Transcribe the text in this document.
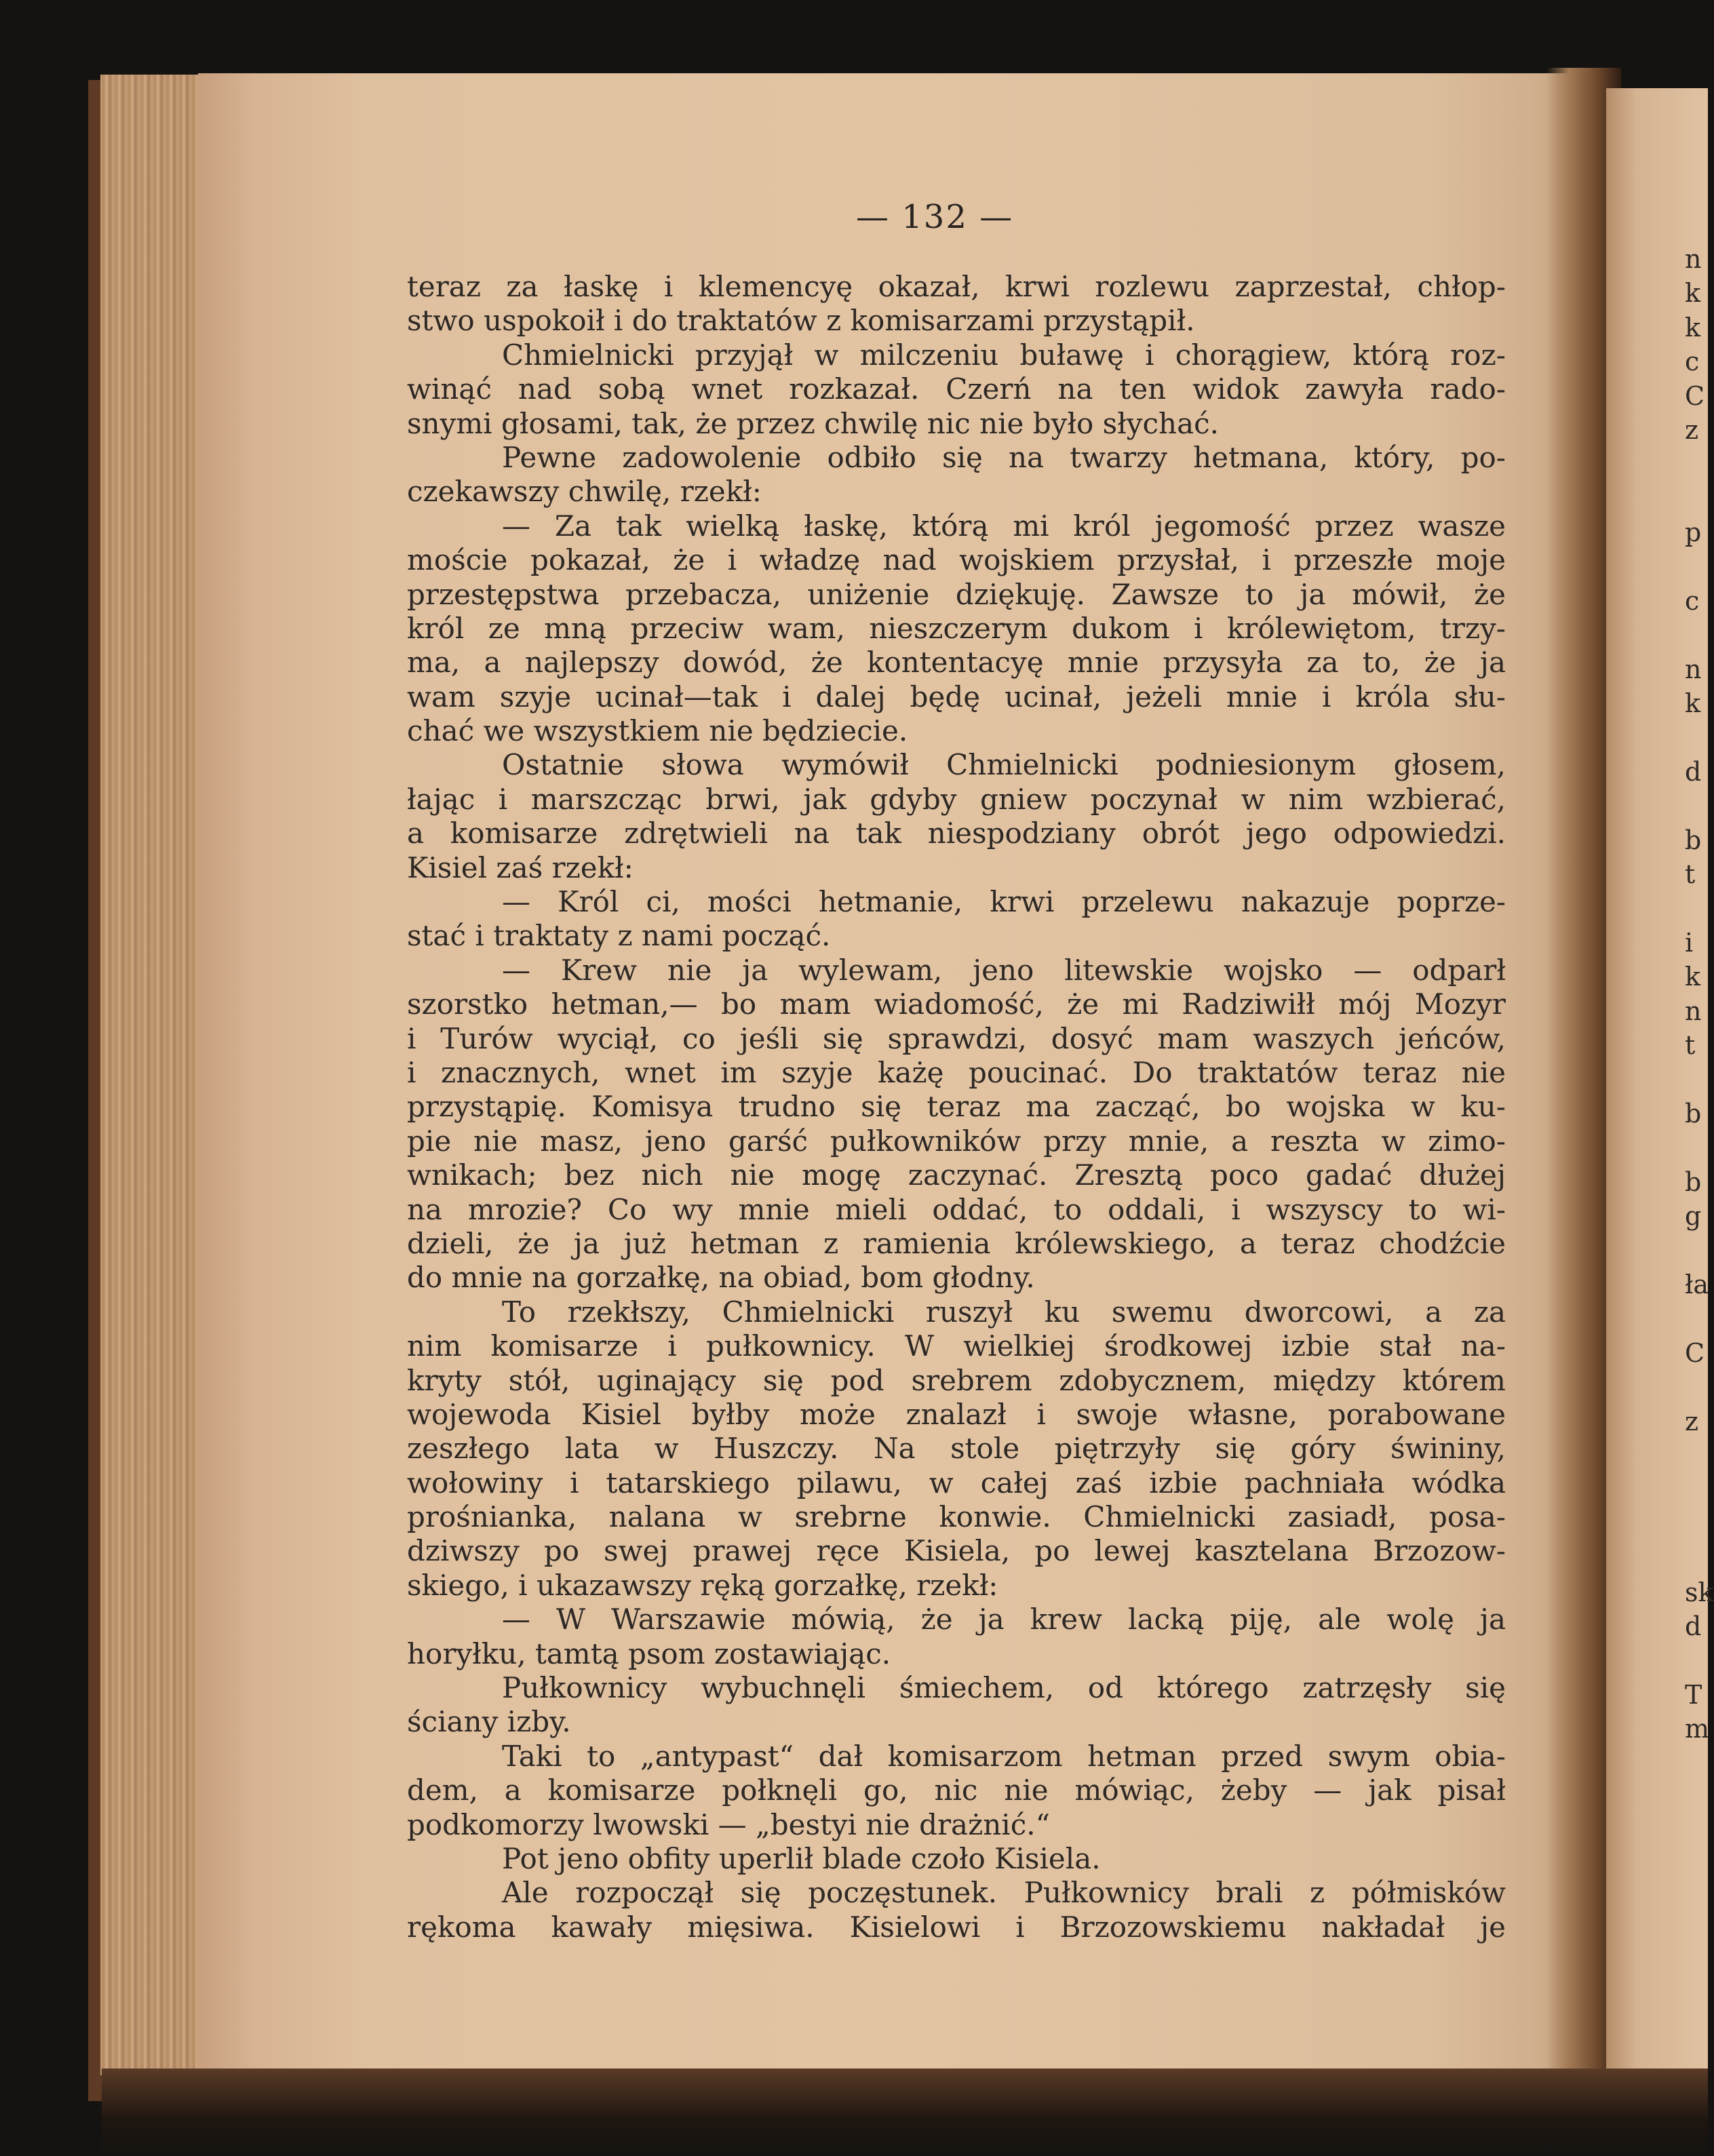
— 132 —
teraz za łaskę i klemencyę okazał, krwi rozlewu zaprzestał, chłop-
stwo uspokoił i do traktatów z komisarzami przystąpił.
Chmielnicki przyjął w milczeniu buławę i chorągiew, którą roz-
winąć nad sobą wnet rozkazał. Czerń na ten widok zawyła rado-
snymi głosami, tak, że przez chwilę nic nie było słychać.
Pewne zadowolenie odbiło się na twarzy hetmana, który, po-
czekawszy chwilę, rzekł:
— Za tak wielką łaskę, którą mi król jegomość przez wasze
moście pokazał, że i władzę nad wojskiem przysłał, i przeszłe moje
przestępstwa przebacza, uniżenie dziękuję. Zawsze to ja mówił, że
król ze mną przeciw wam, nieszczerym dukom i królewiętom, trzy-
ma, a najlepszy dowód, że kontentacyę mnie przysyła za to, że ja
wam szyje ucinał—tak i dalej będę ucinał, jeżeli mnie i króla słu-
chać we wszystkiem nie będziecie.
Ostatnie słowa wymówił Chmielnicki podniesionym głosem,
łając i marszcząc brwi, jak gdyby gniew poczynał w nim wzbierać,
a komisarze zdrętwieli na tak niespodziany obrót jego odpowiedzi.
Kisiel zaś rzekł:
— Król ci, mości hetmanie, krwi przelewu nakazuje poprze-
stać i traktaty z nami począć.
— Krew nie ja wylewam, jeno litewskie wojsko — odparł
szorstko hetman,— bo mam wiadomość, że mi Radziwiłł mój Mozyr
i Turów wyciął, co jeśli się sprawdzi, dosyć mam waszych jeńców,
i znacznych, wnet im szyje każę poucinać. Do traktatów teraz nie
przystąpię. Komisya trudno się teraz ma zacząć, bo wojska w ku-
pie nie masz, jeno garść pułkowników przy mnie, a reszta w zimo-
wnikach; bez nich nie mogę zaczynać. Zresztą poco gadać dłużej
na mrozie? Co wy mnie mieli oddać, to oddali, i wszyscy to wi-
dzieli, że ja już hetman z ramienia królewskiego, a teraz chodźcie
do mnie na gorzałkę, na obiad, bom głodny.
To rzekłszy, Chmielnicki ruszył ku swemu dworcowi, a za
nim komisarze i pułkownicy. W wielkiej środkowej izbie stał na-
kryty stół, uginający się pod srebrem zdobycznem, między którem
wojewoda Kisiel byłby może znalazł i swoje własne, porabowane
zeszłego lata w Huszczy. Na stole piętrzyły się góry świniny,
wołowiny i tatarskiego pilawu, w całej zaś izbie pachniała wódka
prośnianka, nalana w srebrne konwie. Chmielnicki zasiadł, posa-
dziwszy po swej prawej ręce Kisiela, po lewej kasztelana Brzozow-
skiego, i ukazawszy ręką gorzałkę, rzekł:
— W Warszawie mówią, że ja krew lacką piję, ale wolę ja
horyłku, tamtą psom zostawiając.
Pułkownicy wybuchnęli śmiechem, od którego zatrzęsły się
ściany izby.
Taki to „antypast“ dał komisarzom hetman przed swym obia-
dem, a komisarze połknęli go, nic nie mówiąc, żeby — jak pisał
podkomorzy lwowski — „bestyi nie drażnić.“
Pot jeno obfity uperlił blade czoło Kisiela.
Ale rozpoczął się poczęstunek. Pułkownicy brali z półmisków
rękoma kawały mięsiwa. Kisielowi i Brzozowskiemu nakładał je
n
k
k
c
C
z
p
c
n
k
d
b
t
i
k
n
t
b
b
g
ła
C
z
sk
d
T
m
